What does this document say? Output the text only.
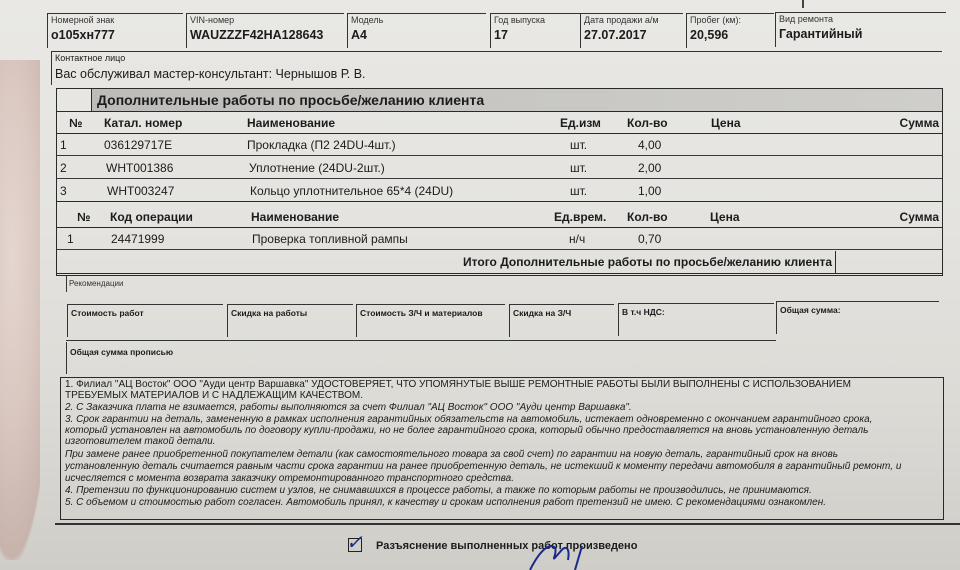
Номерной знак
о105хн777
VIN-номер
WAUZZZF42HA128643
Модель
А4
Год выпуска
17
Дата продажи а/м
27.07.2017
Пробег (км):
20,596
Вид ремонта
Гарантийный
Контактное лицо
Вас обслуживал мастер-консультант: Чернышов Р. В.
Дополнительные работы по просьбе/желанию клиента
№ Катал. номер	Наименование	Ед.изм Кол-во	Цена	Сумма
1	036129717E	Прокладка (П2 24DU-4шт.)	шт.	4,00
2	WHT001386	Уплотнение (24DU-2шт.)	шт.	2,00
3	WHT003247	Кольцо уплотнительное 65*4 (24DU)	шт.	1,00
№ Код операции	Наименование	Ед.врем. Кол-во	Цена	Сумма
1	24471999	Проверка топливной рампы	н/ч	0,70
Итого Дополнительные работы по просьбе/желанию клиента
Рекомендации
Стоимость работ	Скидка на работы	Стоимость З/Ч и материалов	Скидка на З/Ч	В т.ч НДС:	Общая сумма:
Общая сумма прописью
1. Филиал "АЦ Восток" ООО "Ауди центр Варшавка" УДОСТОВЕРЯЕТ, ЧТО УПОМЯНУТЫЕ ВЫШЕ РЕМОНТНЫЕ РАБОТЫ БЫЛИ ВЫПОЛНЕНЫ С ИСПОЛЬЗОВАНИЕМ
ТРЕБУЕМЫХ МАТЕРИАЛОВ И С НАДЛЕЖАЩИМ КАЧЕСТВОМ.
2. С Заказчика плата не взимается, работы выполняются за счет Филиал "АЦ Восток" ООО "Ауди центр Варшавка".
3. Срок гарантии на деталь, замененную в рамках исполнения гарантийных обязательств на автомобиль, истекает одновременно с окончанием гарантийного срока,
который установлен на автомобиль по договору купли-продажи, но не более гарантийного срока, который обычно предоставляется на вновь установленную деталь
изготовителем такой детали.
При замене ранее приобретенной покупателем детали (как самостоятельного товара за свой счет) по гарантии на новую деталь, гарантийный срок на вновь
установленную деталь считается равным части срока гарантии на ранее приобретенную деталь, не истекший к моменту передачи автомобиля в гарантийный ремонт, и
исчесляется с момента возврата заказчику отремонтированного транспортного средства.
4. Претензии по функционированию систем и узлов, не снимавшихся в процессе работы, а также по которым работы не производились, не принимаются.
5. С объемом и стоимостью работ согласен. Автомобиль принял, к качеству и срокам исполнения работ претензий не имею. С рекомендациями ознакомлен.
✓ Разъяснение выполненных работ произведено
